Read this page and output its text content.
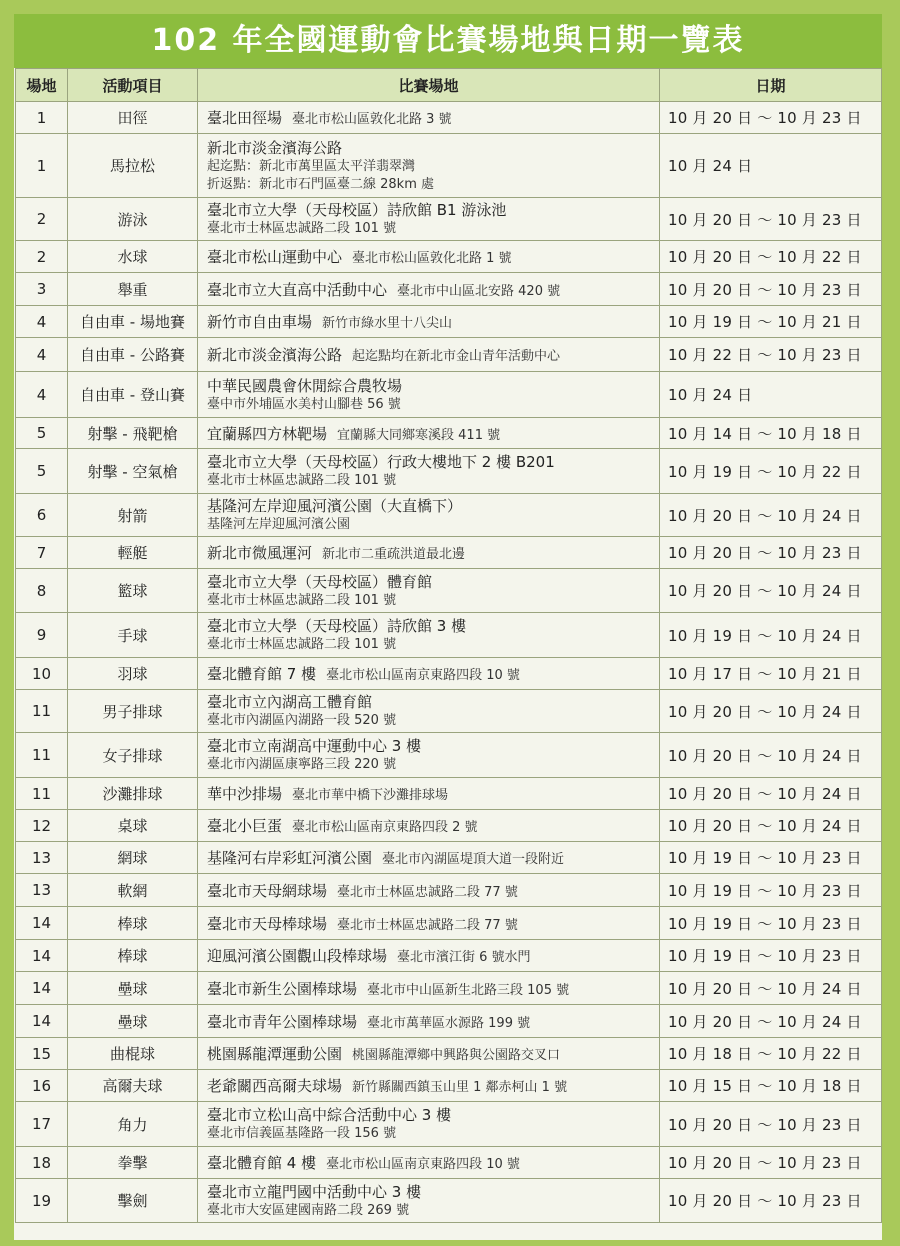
102 年全國運動會比賽場地與日期一覽表
場地	活動項目	比賽場地	日期
1	田徑	臺北田徑場 臺北市松山區敦化北路 3 號	10 月 20 日 ～ 10 月 23 日
1	馬拉松	新北市淡金濱海公路
起迄點：新北市萬里區太平洋翡翠灣
折返點：新北市石門區臺二線 28km 處	10 月 24 日
2	游泳	臺北市立大學（天母校區）詩欣館 B1 游泳池
臺北市士林區忠誠路二段 101 號	10 月 20 日 ～ 10 月 23 日
2	水球	臺北市松山運動中心 臺北市松山區敦化北路 1 號	10 月 20 日 ～ 10 月 22 日
3	舉重	臺北市立大直高中活動中心 臺北市中山區北安路 420 號	10 月 20 日 ～ 10 月 23 日
4	自由車 - 場地賽	新竹市自由車場 新竹市綠水里十八尖山	10 月 19 日 ～ 10 月 21 日
4	自由車 - 公路賽	新北市淡金濱海公路 起迄點均在新北市金山青年活動中心	10 月 22 日 ～ 10 月 23 日
4	自由車 - 登山賽	中華民國農會休閒綜合農牧場
臺中市外埔區水美村山腳巷 56 號	10 月 24 日
5	射擊 - 飛靶槍	宜蘭縣四方林靶場 宜蘭縣大同鄉寒溪段 411 號	10 月 14 日 ～ 10 月 18 日
5	射擊 - 空氣槍	臺北市立大學（天母校區）行政大樓地下 2 樓 B201
臺北市士林區忠誠路二段 101 號	10 月 19 日 ～ 10 月 22 日
6	射箭	基隆河左岸迎風河濱公園（大直橋下）
基隆河左岸迎風河濱公園	10 月 20 日 ～ 10 月 24 日
7	輕艇	新北市微風運河 新北市二重疏洪道最北邊	10 月 20 日 ～ 10 月 23 日
8	籃球	臺北市立大學（天母校區）體育館
臺北市士林區忠誠路二段 101 號	10 月 20 日 ～ 10 月 24 日
9	手球	臺北市立大學（天母校區）詩欣館 3 樓
臺北市士林區忠誠路二段 101 號	10 月 19 日 ～ 10 月 24 日
10	羽球	臺北體育館 7 樓 臺北市松山區南京東路四段 10 號	10 月 17 日 ～ 10 月 21 日
11	男子排球	臺北市立內湖高工體育館
臺北市內湖區內湖路一段 520 號	10 月 20 日 ～ 10 月 24 日
11	女子排球	臺北市立南湖高中運動中心 3 樓
臺北市內湖區康寧路三段 220 號	10 月 20 日 ～ 10 月 24 日
11	沙灘排球	華中沙排場 臺北市華中橋下沙灘排球場	10 月 20 日 ～ 10 月 24 日
12	桌球	臺北小巨蛋 臺北市松山區南京東路四段 2 號	10 月 20 日 ～ 10 月 24 日
13	網球	基隆河右岸彩虹河濱公園 臺北市內湖區堤頂大道一段附近	10 月 19 日 ～ 10 月 23 日
13	軟網	臺北市天母網球場 臺北市士林區忠誠路二段 77 號	10 月 19 日 ～ 10 月 23 日
14	棒球	臺北市天母棒球場 臺北市士林區忠誠路二段 77 號	10 月 19 日 ～ 10 月 23 日
14	棒球	迎風河濱公園觀山段棒球場 臺北市濱江街 6 號水門	10 月 19 日 ～ 10 月 23 日
14	壘球	臺北市新生公園棒球場 臺北市中山區新生北路三段 105 號	10 月 20 日 ～ 10 月 24 日
14	壘球	臺北市青年公園棒球場 臺北市萬華區水源路 199 號	10 月 20 日 ～ 10 月 24 日
15	曲棍球	桃園縣龍潭運動公園 桃園縣龍潭鄉中興路與公園路交叉口	10 月 18 日 ～ 10 月 22 日
16	高爾夫球	老爺關西高爾夫球場 新竹縣關西鎮玉山里 1 鄰赤柯山 1 號	10 月 15 日 ～ 10 月 18 日
17	角力	臺北市立松山高中綜合活動中心 3 樓
臺北市信義區基隆路一段 156 號	10 月 20 日 ～ 10 月 23 日
18	拳擊	臺北體育館 4 樓 臺北市松山區南京東路四段 10 號	10 月 20 日 ～ 10 月 23 日
19	擊劍	臺北市立龍門國中活動中心 3 樓
臺北市大安區建國南路二段 269 號	10 月 20 日 ～ 10 月 23 日
